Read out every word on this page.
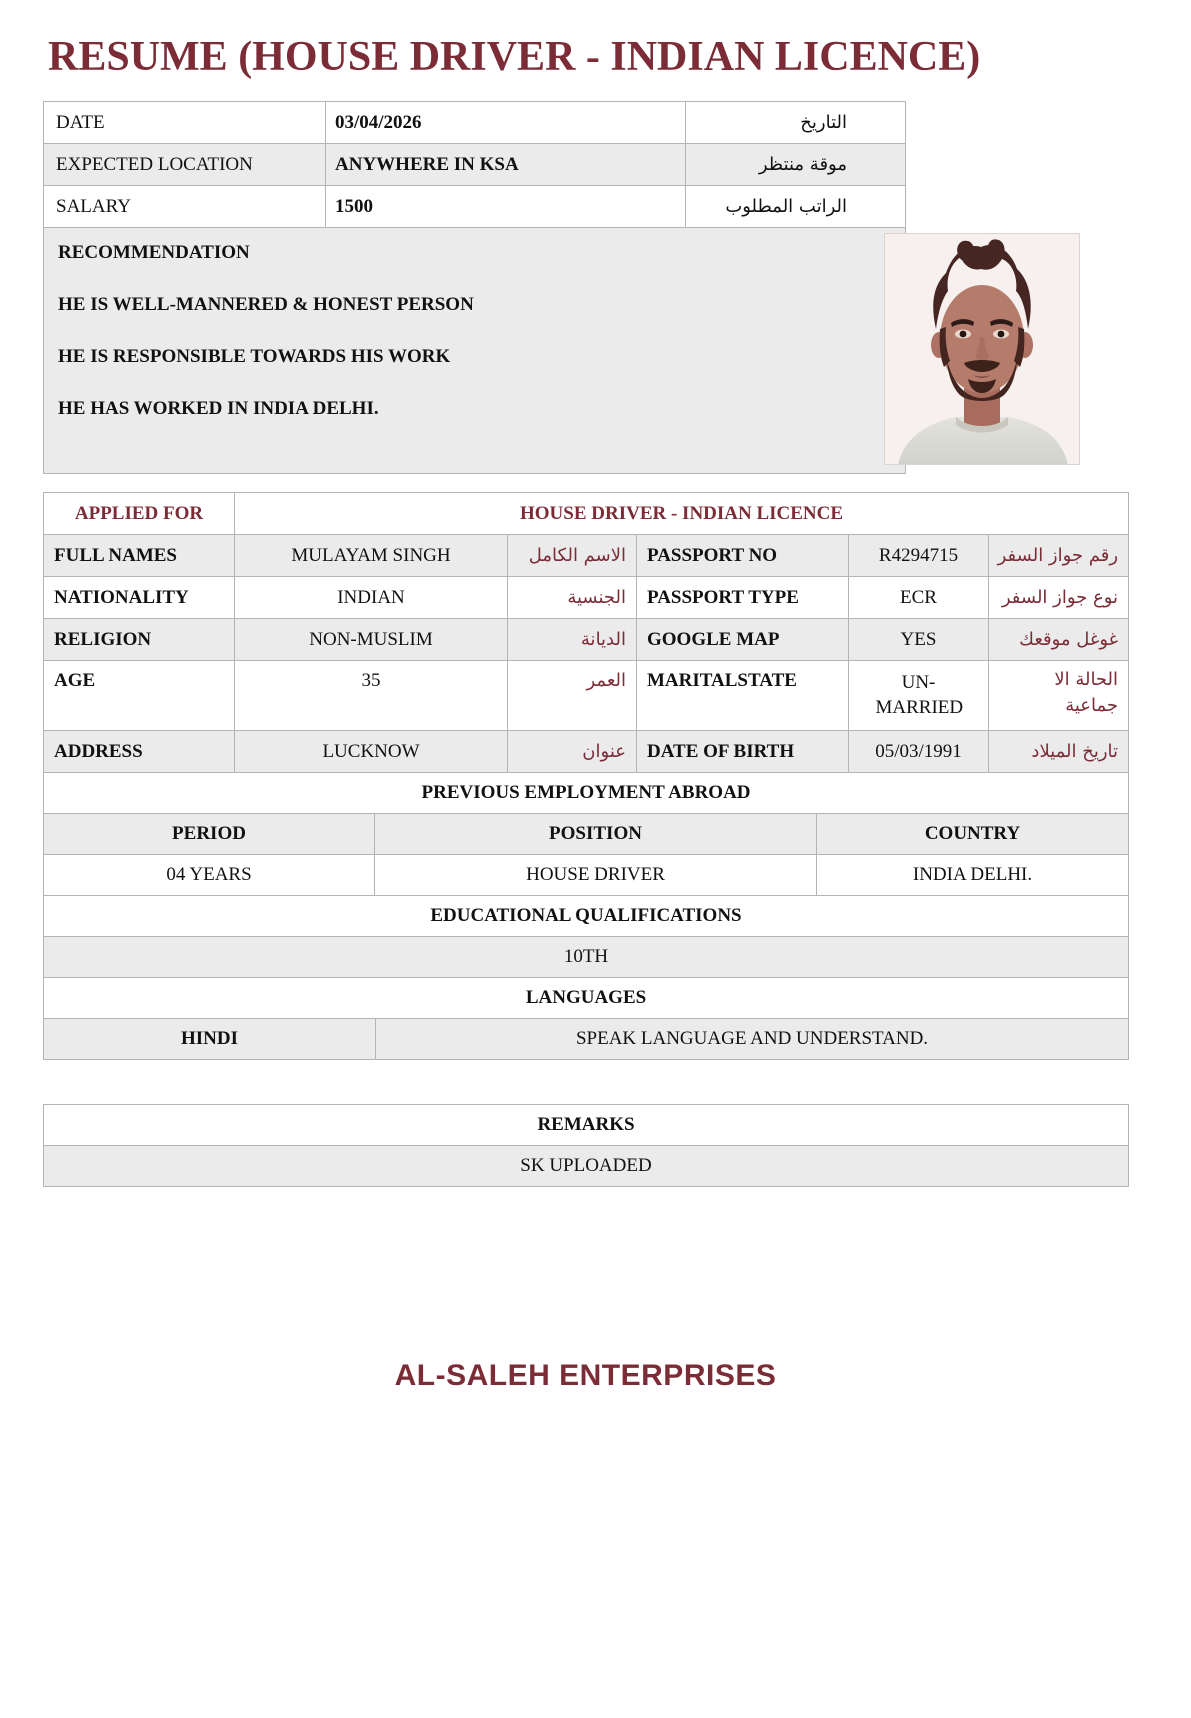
RESUME (HOUSE DRIVER - INDIAN LICENCE)
DATE	03/04/2026	التاريخ
EXPECTED LOCATION	ANYWHERE IN KSA	موقة منتظر
SALARY	1500	الراتب المطلوب

RECOMMENDATION

HE IS WELL-MANNERED & HONEST PERSON

HE IS RESPONSIBLE TOWARDS HIS WORK

HE HAS WORKED IN INDIA DELHI.		

APPLIED FOR	HOUSE DRIVER - INDIAN LICENCE				
FULL NAMES	MULAYAM SINGH	الاسم الكامل	PASSPORT NO	R4294715	رقم جواز السفر
NATIONALITY	INDIAN	الجنسية	PASSPORT TYPE	ECR	نوع جواز السفر
RELIGION	NON-MUSLIM	الديانة	GOOGLE MAP	YES	غوغل موقعك
AGE	35	العمر	MARITALSTATE	UN-MARRIED	الحالة الا جماعية
ADDRESS	LUCKNOW	عنوان	DATE OF BIRTH	05/03/1991	تاريخ الميلاد
PREVIOUS EMPLOYMENT ABROAD		
PERIOD	POSITION	COUNTRY
04 YEARS	HOUSE DRIVER	INDIA DELHI.
EDUCATIONAL QUALIFICATIONS
10TH
LANGUAGES
HINDI	SPEAK LANGUAGE AND UNDERSTAND.
REMARKS
SK UPLOADED
AL-SALEH ENTERPRISES
